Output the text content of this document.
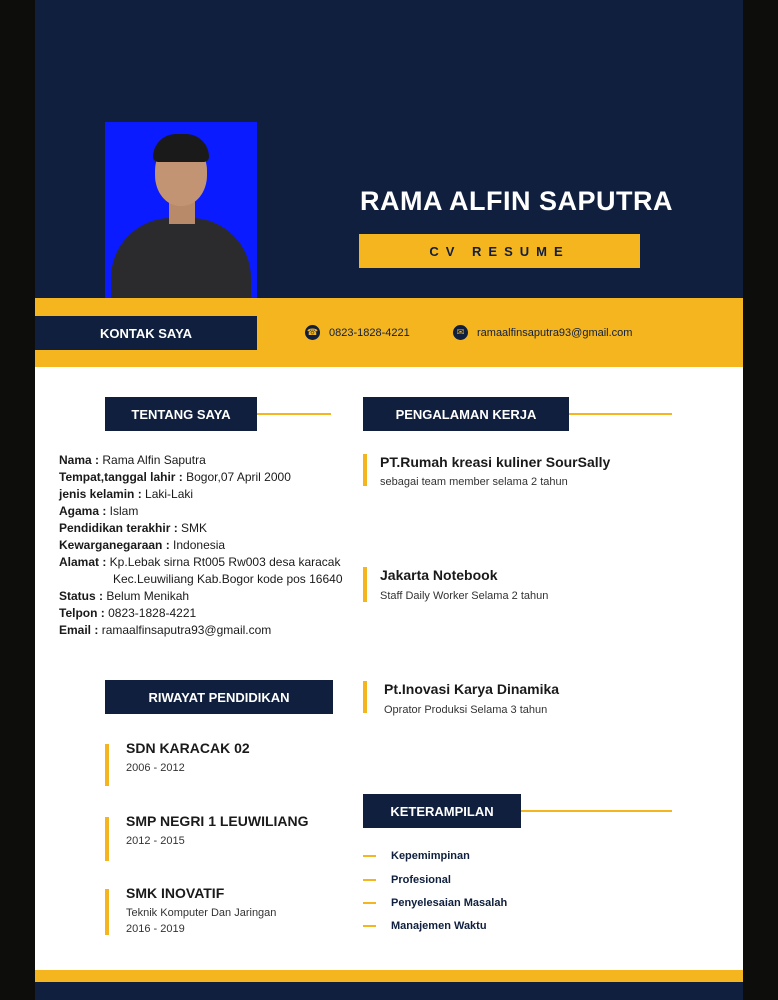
RAMA ALFIN SAPUTRA
CV RESUME
KONTAK SAYA	☎ 0823-1828-4221	✉	ramaalfinsaputra93@gmail.com
TENTANG SAYA
Nama : Rama Alfin Saputra
Tempat,tanggal lahir : Bogor,07 April 2000
jenis kelamin : Laki-Laki
Agama : Islam
Pendidikan terakhir : SMK
Kewarganegaraan : Indonesia
Alamat : Kp.Lebak sirna Rt005 Rw003 desa karacak
Kec.Leuwiliang Kab.Bogor kode pos 16640
Status : Belum Menikah
Telpon : 0823-1828-4221
Email : ramaalfinsaputra93@gmail.com
RIWAYAT PENDIDIKAN
SDN KARACAK 02
2006 - 2012
SMP NEGRI 1 LEUWILIANG
2012 - 2015
SMK INOVATIF
Teknik Komputer Dan Jaringan
2016 - 2019
PENGALAMAN KERJA
PT.Rumah kreasi kuliner SourSally
sebagai team member selama 2 tahun
Jakarta Notebook
Staff Daily Worker Selama 2 tahun
Pt.Inovasi Karya Dinamika
Oprator Produksi Selama 3 tahun
KETERAMPILAN
Kepemimpinan
Profesional
Penyelesaian Masalah
Manajemen Waktu
